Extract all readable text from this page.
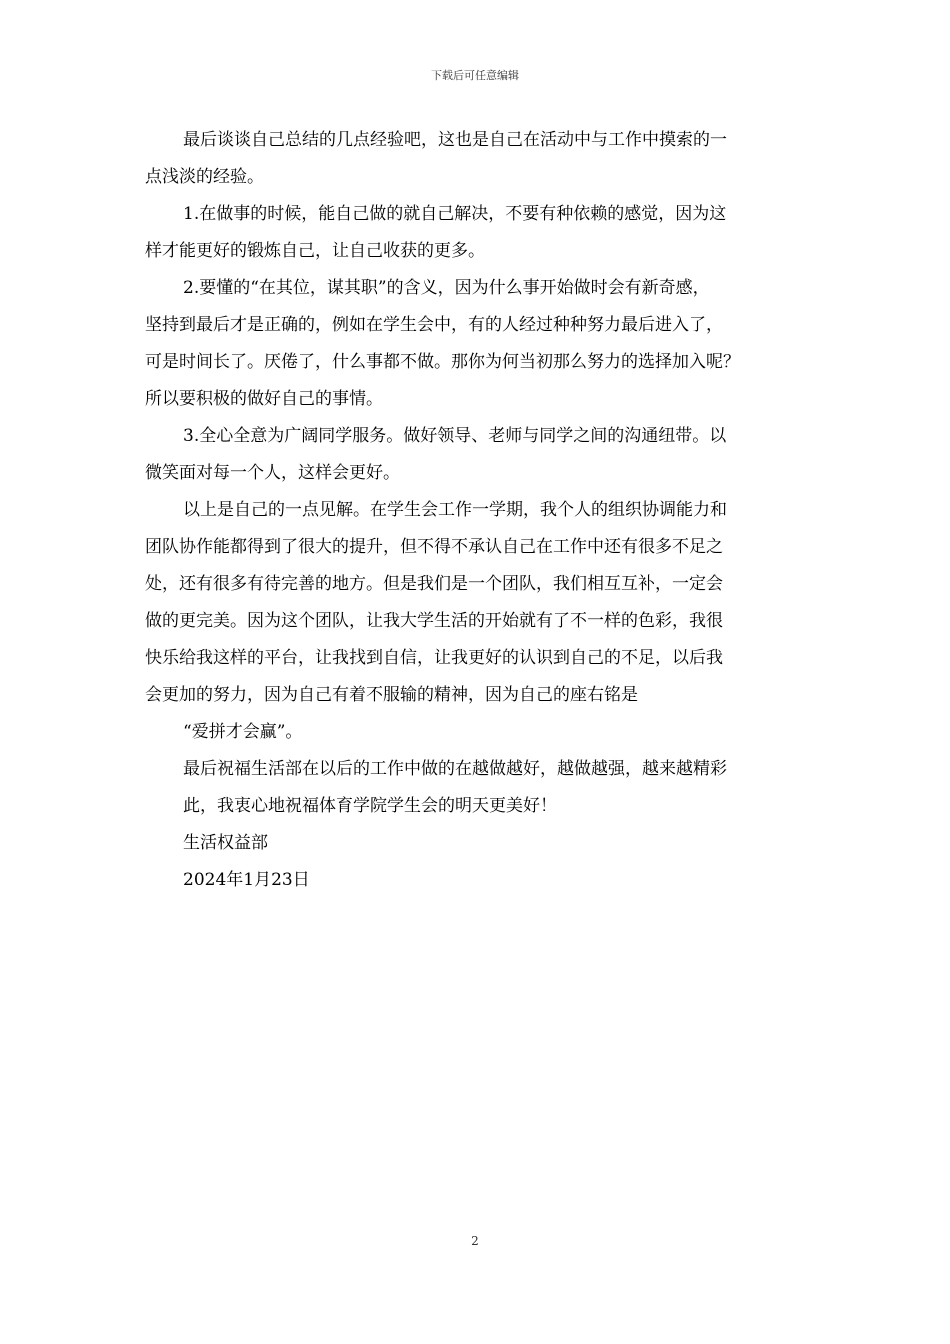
下载后可任意编辑

最后谈谈自己总结的几点经验吧，这也是自己在活动中与工作中摸索的一

点浅淡的经验。

1.在做事的时候，能自己做的就自己解决，不要有种依赖的感觉，因为这

样才能更好的锻炼自己，让自己收获的更多。

2.要懂的“在其位，谋其职”的含义，因为什么事开始做时会有新奇感，

坚持到最后才是正确的，例如在学生会中，有的人经过种种努力最后进入了，

可是时间长了。厌倦了，什么事都不做。那你为何当初那么努力的选择加入呢？

所以要积极的做好自己的事情。

3.全心全意为广阔同学服务。做好领导、老师与同学之间的沟通纽带。以

微笑面对每一个人，这样会更好。

以上是自己的一点见解。在学生会工作一学期，我个人的组织协调能力和

团队协作能都得到了很大的提升，但不得不承认自己在工作中还有很多不足之

处，还有很多有待完善的地方。但是我们是一个团队，我们相互互补，一定会

做的更完美。因为这个团队，让我大学生活的开始就有了不一样的色彩，我很

快乐给我这样的平台，让我找到自信，让我更好的认识到自己的不足，以后我

会更加的努力，因为自己有着不服输的精神，因为自己的座右铭是

“爱拼才会赢”。

最后祝福生活部在以后的工作中做的在越做越好，越做越强，越来越精彩

此，我衷心地祝福体育学院学生会的明天更美好！

生活权益部

2024年1月23日

2
